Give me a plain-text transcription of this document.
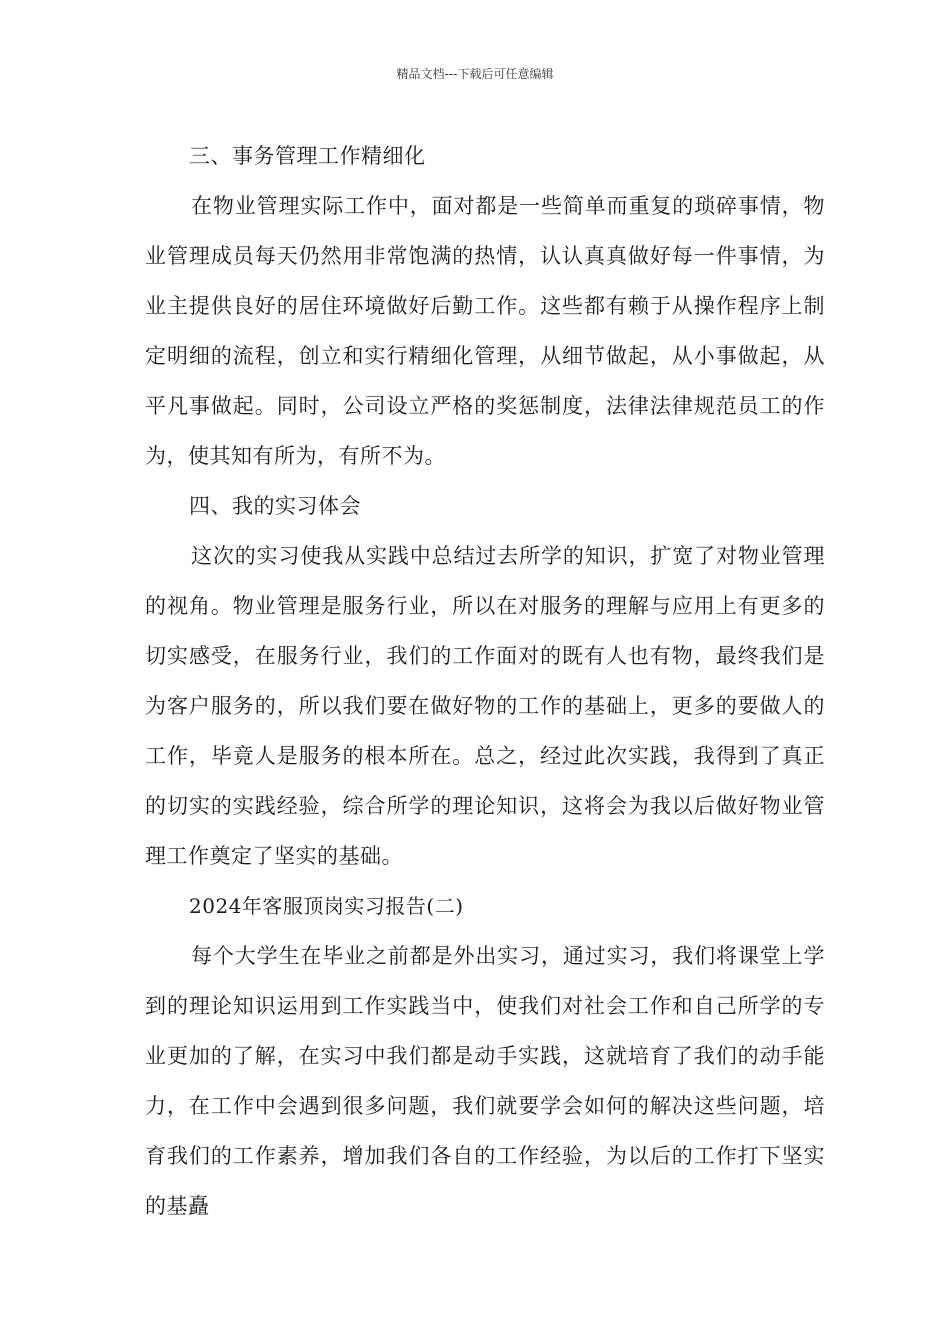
精品文档---下载后可任意编辑
三、事务管理工作精细化

在物业管理实际工作中，面对都是一些简单而重复的琐碎事情，物业管理成员每天仍然用非常饱满的热情，认认真真做好每一件事情，为业主提供良好的居住环境做好后勤工作。这些都有赖于从操作程序上制定明细的流程，创立和实行精细化管理，从细节做起，从小事做起，从平凡事做起。同时，公司设立严格的奖惩制度，法律法律规范员工的作为，使其知有所为，有所不为。

四、我的实习体会

这次的实习使我从实践中总结过去所学的知识，扩宽了对物业管理的视角。物业管理是服务行业，所以在对服务的理解与应用上有更多的切实感受，在服务行业，我们的工作面对的既有人也有物，最终我们是为客户服务的，所以我们要在做好物的工作的基础上，更多的要做人的工作，毕竟人是服务的根本所在。总之，经过此次实践，我得到了真正的切实的实践经验，综合所学的理论知识，这将会为我以后做好物业管理工作奠定了坚实的基础。

2024年客服顶岗实习报告(二)

每个大学生在毕业之前都是外出实习，通过实习，我们将课堂上学到的理论知识运用到工作实践当中，使我们对社会工作和自己所学的专业更加的了解，在实习中我们都是动手实践，这就培育了我们的动手能力，在工作中会遇到很多问题，我们就要学会如何的解决这些问题，培育我们的工作素养，增加我们各自的工作经验，为以后的工作打下坚实的基矗
